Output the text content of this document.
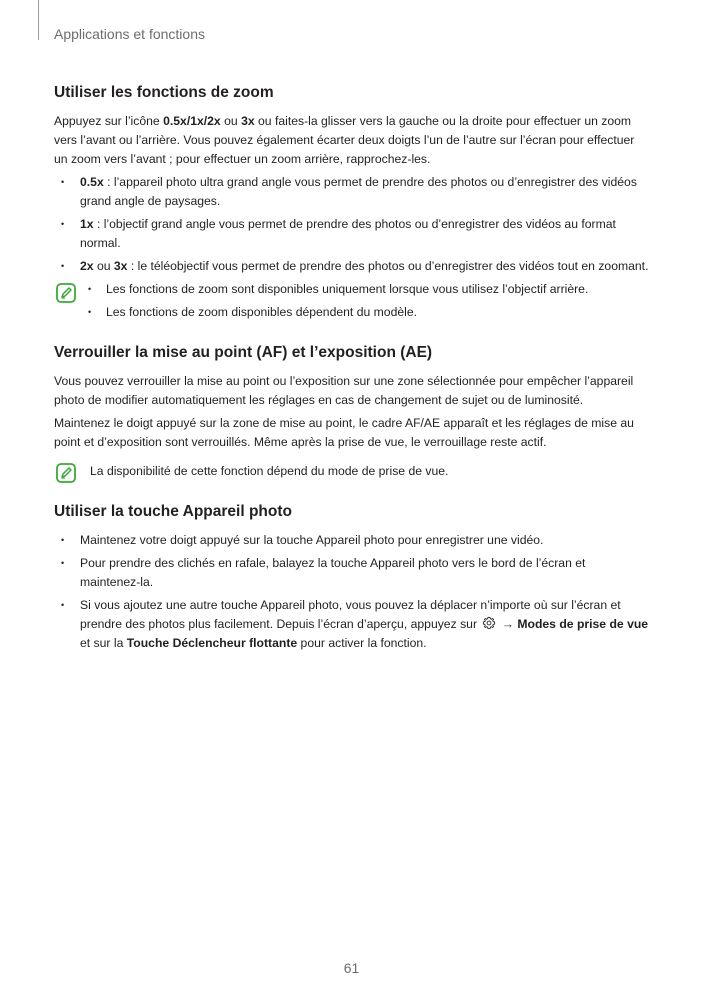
Applications et fonctions
Utiliser les fonctions de zoom

Appuyez sur l’icône 0.5x/1x/2x ou 3x ou faites-la glisser vers la gauche ou la droite pour effectuer un zoom vers l’avant ou l’arrière. Vous pouvez également écarter deux doigts l’un de l’autre sur l’écran pour effectuer un zoom vers l’avant ; pour effectuer un zoom arrière, rapprochez-les.

• 0.5x : l’appareil photo ultra grand angle vous permet de prendre des photos ou d’enregistrer des vidéos grand angle de paysages.
• 1x : l’objectif grand angle vous permet de prendre des photos ou d’enregistrer des vidéos au format normal.
• 2x ou 3x : le téléobjectif vous permet de prendre des photos ou d’enregistrer des vidéos tout en zoomant.
• Les fonctions de zoom sont disponibles uniquement lorsque vous utilisez l’objectif arrière.
• Les fonctions de zoom disponibles dépendent du modèle.
Verrouiller la mise au point (AF) et l’exposition (AE)

Vous pouvez verrouiller la mise au point ou l’exposition sur une zone sélectionnée pour empêcher l’appareil photo de modifier automatiquement les réglages en cas de changement de sujet ou de luminosité.

Maintenez le doigt appuyé sur la zone de mise au point, le cadre AF/AE apparaît et les réglages de mise au point et d’exposition sont verrouillés. Même après la prise de vue, le verrouillage reste actif.

La disponibilité de cette fonction dépend du mode de prise de vue.

Utiliser la touche Appareil photo
• Maintenez votre doigt appuyé sur la touche Appareil photo pour enregistrer une vidéo.
• Pour prendre des clichés en rafale, balayez la touche Appareil photo vers le bord de l’écran et maintenez-la.
• Si vous ajoutez une autre touche Appareil photo, vous pouvez la déplacer n’importe où sur l’écran et prendre des photos plus facilement. Depuis l’écran d’aperçu, appuyez sur  → Modes de prise de vue et sur la Touche Déclencheur flottante pour activer la fonction.
61
